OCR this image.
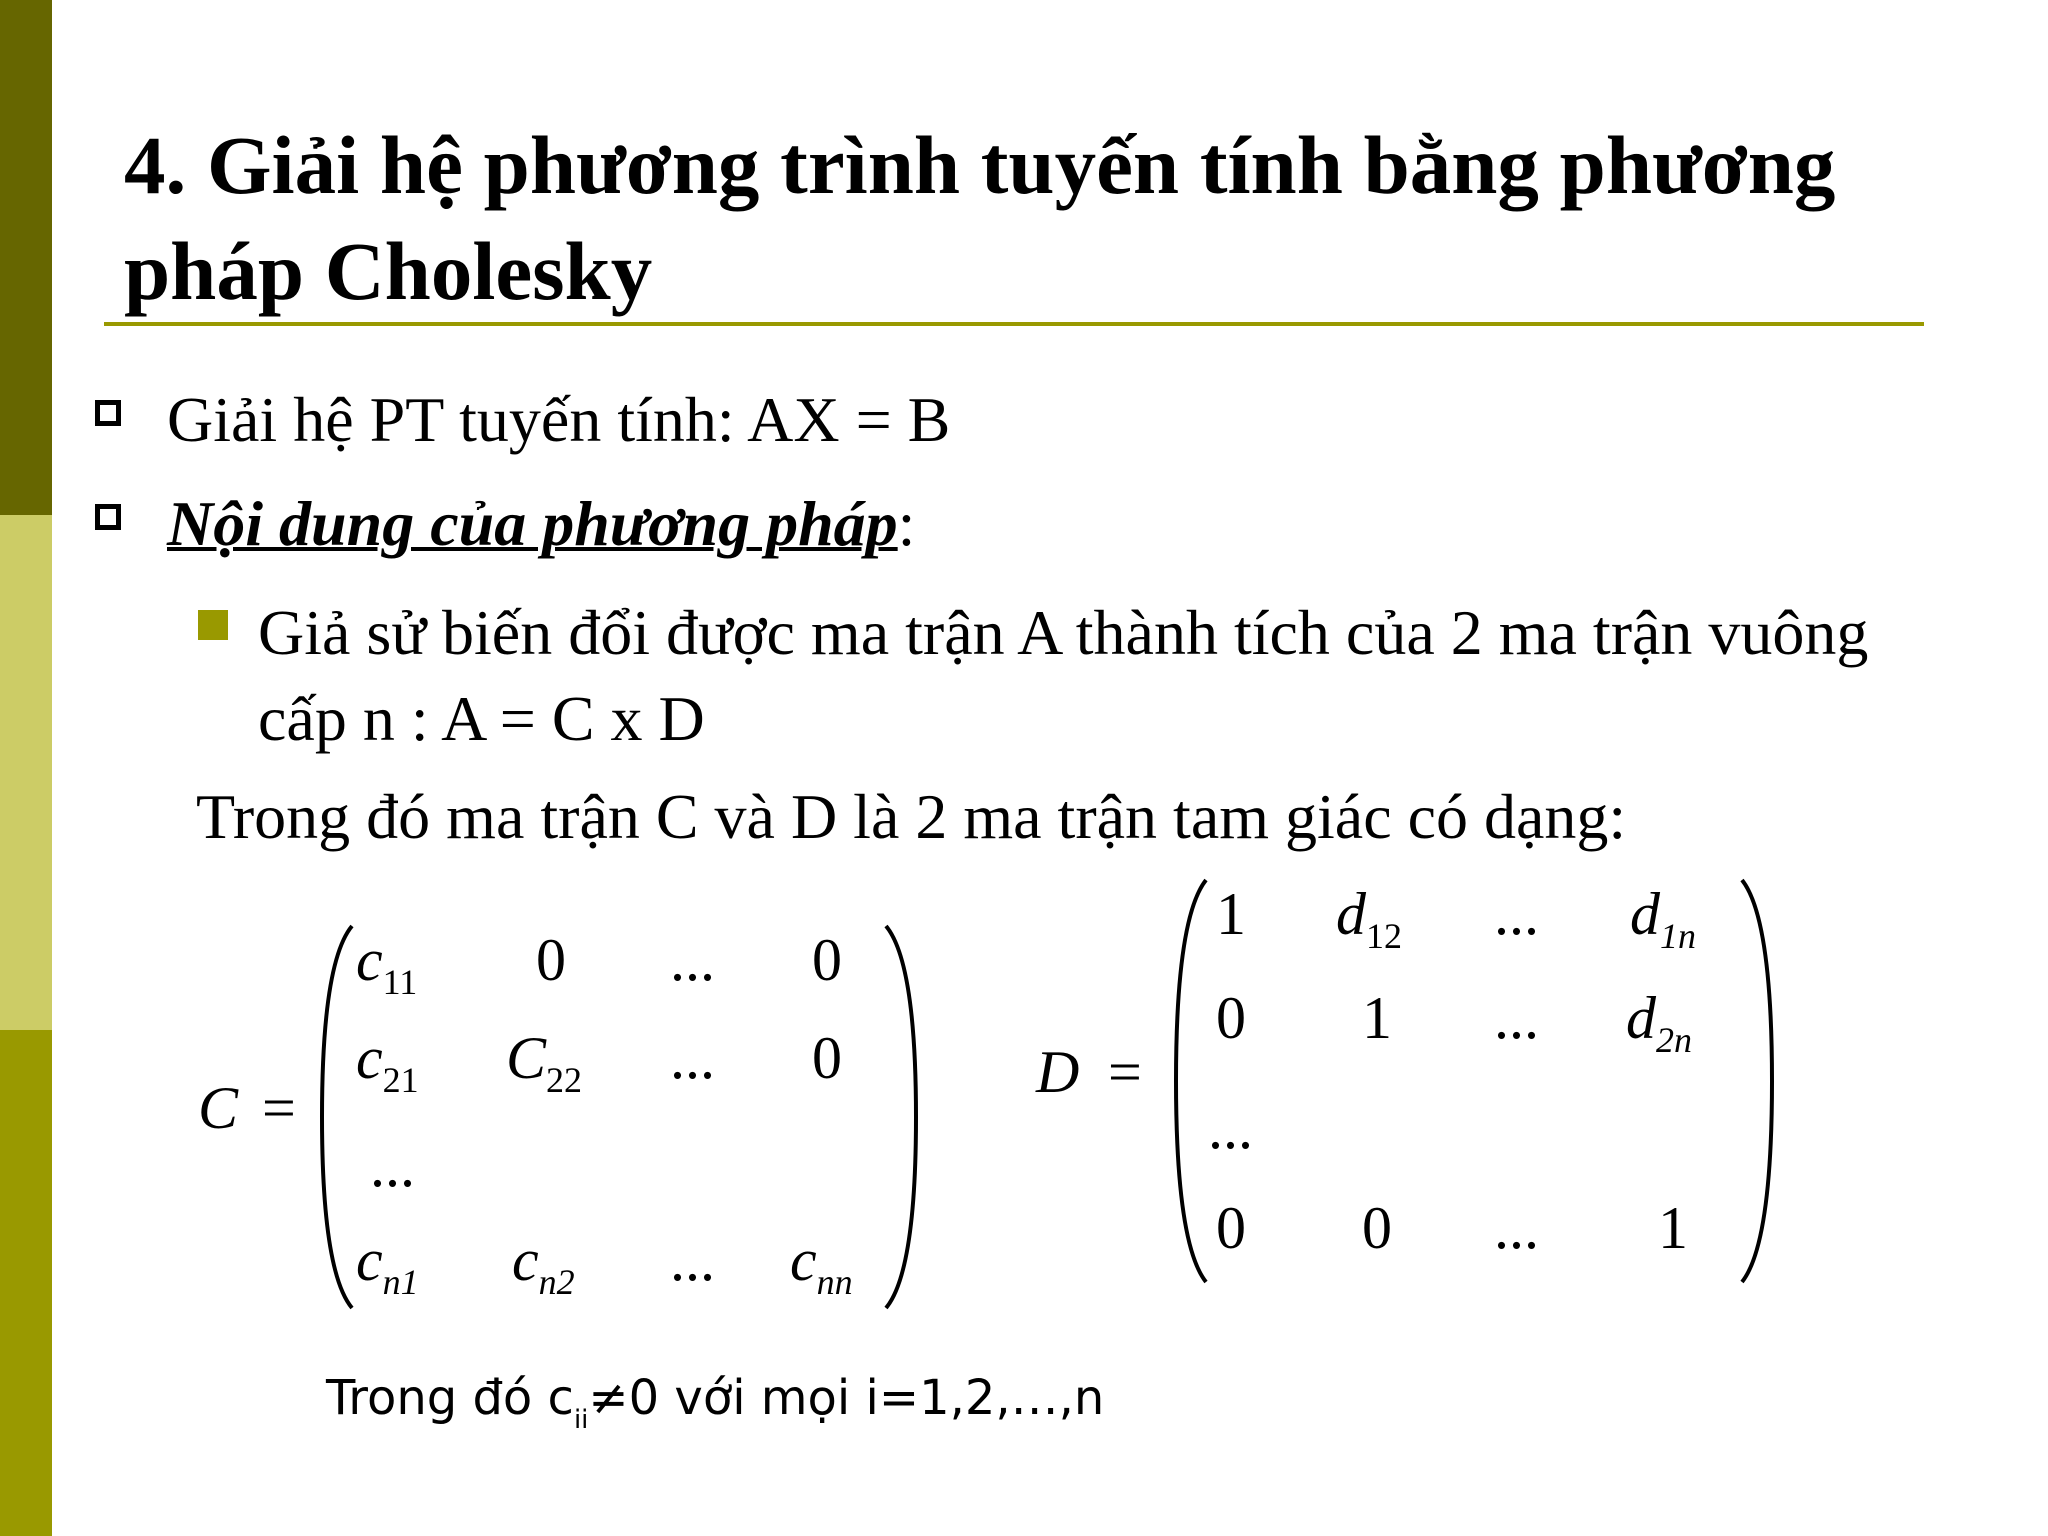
4. Giải hệ phương trình tuyến tính bằng phương pháp Cholesky
Giải hệ PT tuyến tính: AX = B
Nội dung của phương pháp:
Giả sử biến đổi được ma trận A thành tích của 2 ma trận vuông cấp n : A = C x D
Trong đó ma trận C và D là 2 ma trận tam giác có dạng:
C =
$c_{11}$ 0 ... 0
$c_{21}$ $C_{22}$ ... 0
...
$c_{n1}$ $c_{n2}$ ... $c_{nn}$
D =
1 $d_{12}$ ... $d_{1n}$
0 1 ... $d_{2n}$
...
0 0 ... 1
Trong đó $c_{ii}\ne 0$ với mọi i=1,2,…,n
